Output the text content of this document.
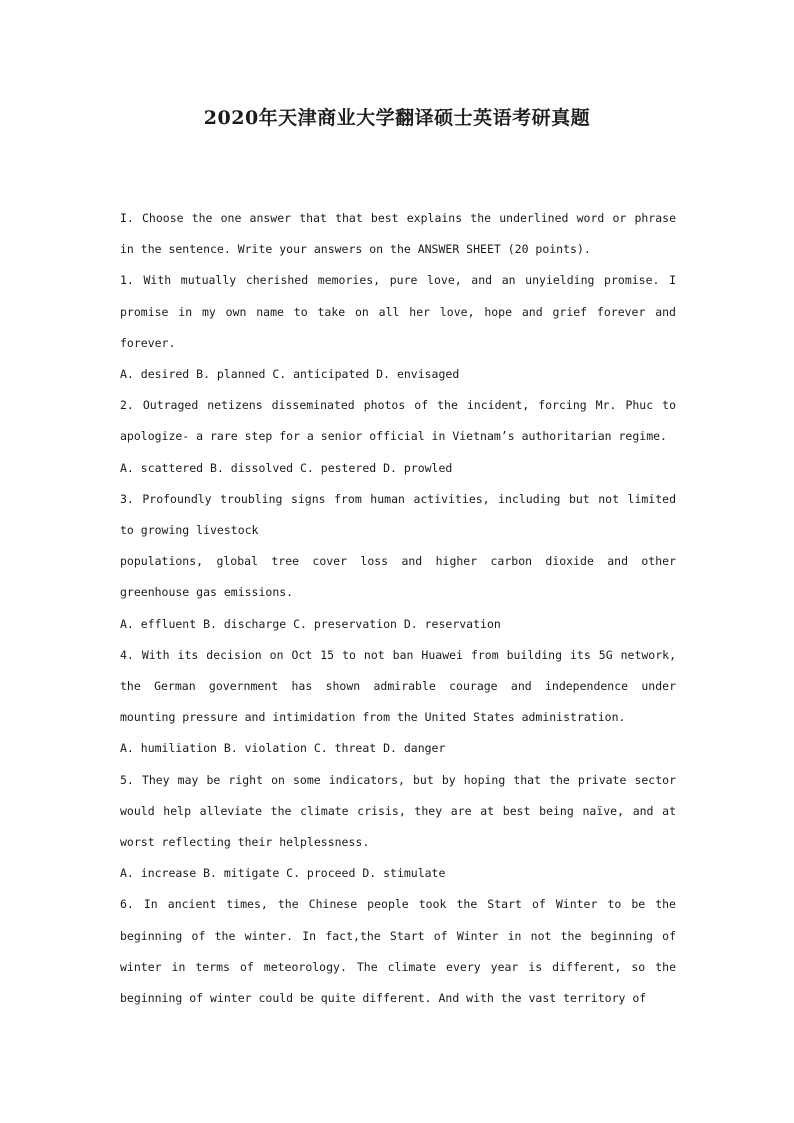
2020年天津商业大学翻译硕士英语考研真题

I. Choose the one answer that that best explains the underlined word or phrase in the sentence. Write your answers on the ANSWER SHEET (20 points).

1. With mutually cherished memories, pure love, and an unyielding promise. I promise in my own name to take on all her love, hope and grief forever and forever.

A. desired B. planned C. anticipated D. envisaged

2. Outraged netizens disseminated photos of the incident, forcing Mr. Phuc to apologize- a rare step for a senior official in Vietnam’s authoritarian regime.

A. scattered B. dissolved C. pestered D. prowled

3. Profoundly troubling signs from human activities, including but not limited to growing livestock

populations, global tree cover loss and higher carbon dioxide and other greenhouse gas emissions.

A. effluent B. discharge C. preservation D. reservation

4. With its decision on Oct 15 to not ban Huawei from building its 5G network, the German government has shown admirable courage and independence under mounting pressure and intimidation from the United States administration.

A. humiliation B. violation C. threat D. danger

5. They may be right on some indicators, but by hoping that the private sector would help alleviate the climate crisis, they are at best being naïve, and at worst reflecting their helplessness.

A. increase B. mitigate C. proceed D. stimulate

6. In ancient times, the Chinese people took the Start of Winter to be the beginning of the winter. In fact,the Start of Winter in not the beginning of winter in terms of meteorology. The climate every year is different, so the beginning of winter could be quite different. And with the vast territory of
